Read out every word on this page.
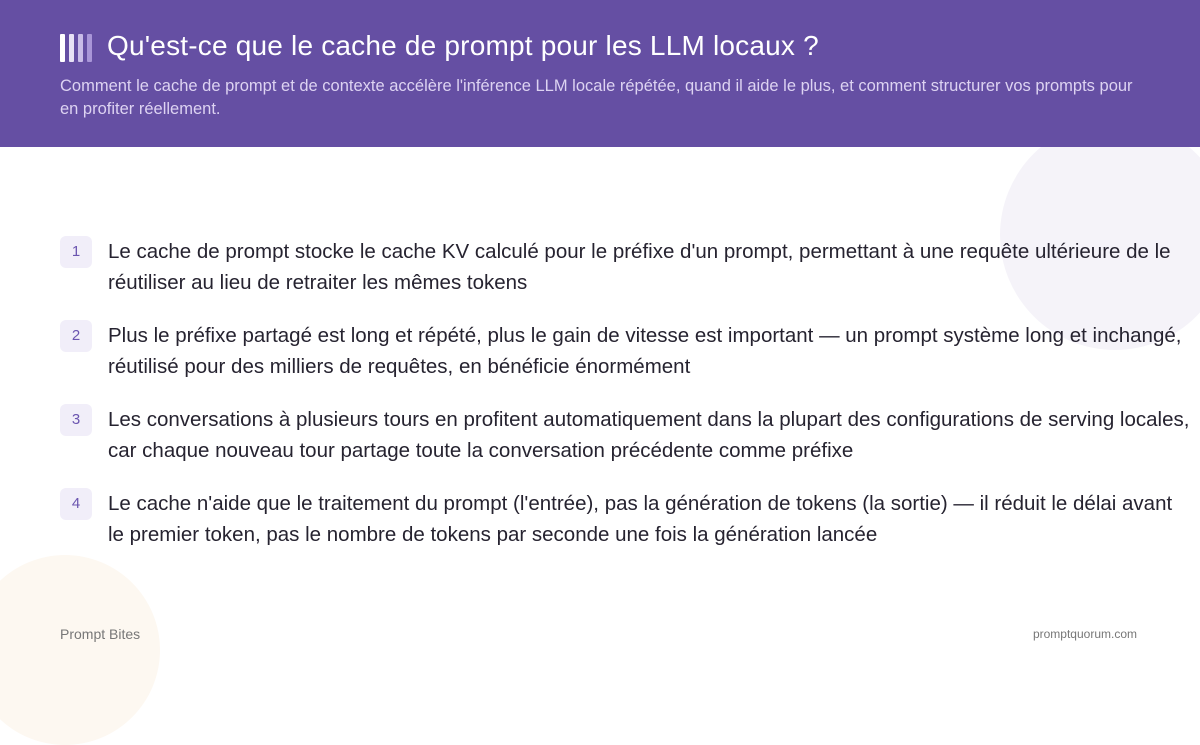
Qu'est-ce que le cache de prompt pour les LLM locaux ?

Comment le cache de prompt et de contexte accélère l'inférence LLM locale répétée, quand il aide le plus, et comment structurer vos prompts pour en profiter réellement.

1	Le cache de prompt stocke le cache KV calculé pour le préfixe d'un prompt, permettant à une requête ultérieure de le réutiliser au lieu de retraiter les mêmes tokens

2	Plus le préfixe partagé est long et répété, plus le gain de vitesse est important — un prompt système long et inchangé, réutilisé pour des milliers de requêtes, en bénéficie énormément

3	Les conversations à plusieurs tours en profitent automatiquement dans la plupart des configurations de serving locales, car chaque nouveau tour partage toute la conversation précédente comme préfixe

4	Le cache n'aide que le traitement du prompt (l'entrée), pas la génération de tokens (la sortie) — il réduit le délai avant le premier token, pas le nombre de tokens par seconde une fois la génération lancée

Prompt Bites	promptquorum.com
